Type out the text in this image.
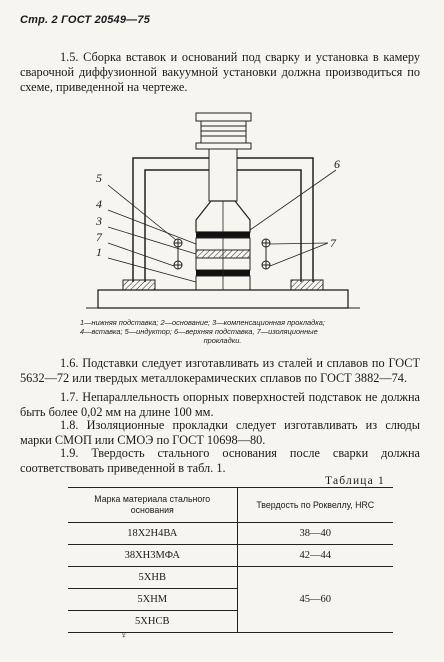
Стр. 2 ГОСТ 20549—75
1.5. Сборка вставок и оснований под сварку и установка в камеру сварочной диффузионной вакуумной установки должна производиться по схеме, приведенной на чертеже.
5
4
3
7
1
6
7
1—нижняя подставка; 2—основание; 3—компенсационная прокладка;
4—вставка; 5—индуктор; 6—верхняя подставка, 7—изоляционные

прокладки.
1.6. Подставки следует изготавливать из сталей и сплавов по ГОСТ 5632—72 или твердых металлокерамических сплавов по ГОСТ 3882—74.
1.7. Непараллельность опорных поверхностей подставок не должна быть более 0,02 мм на длине 100 мм.
1.8. Изоляционные прокладки следует изготавливать из слюды марки СМОП или СМОЭ по ГОСТ 10698—80.
1.9. Твердость стального основания после сварки должна соответствовать приведенной в табл. 1.
Таблица 1
Марка материала стального основания	Твердость по Роквеллу, HRC
18Х2Н4ВА	38—40
38ХН3МФА	42—44
5ХНВ	45—60
5ХНМ	
5ХНСВ	
♀
